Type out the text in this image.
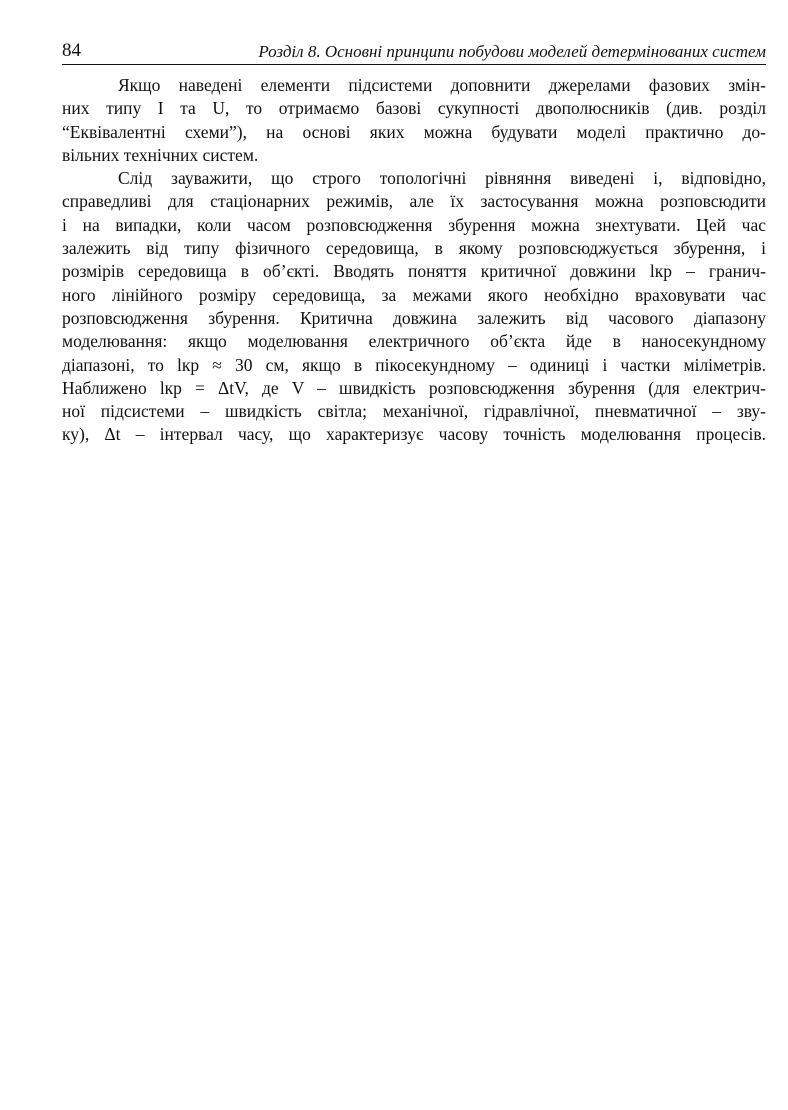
84	Розділ 8. Основні принципи побудови моделей детермінованих систем
Якщо наведені елементи підсистеми доповнити джерелами фазових змін-
них типу I та U, то отримаємо базові сукупності двополюсників (див. розділ
“Еквівалентні схеми”), на основі яких можна будувати моделі практично до-
вільних технічних систем.
Слід зауважити, що строго топологічні рівняння виведені і, відповідно,
справедливі для стаціонарних режимів, але їх застосування можна розповсюдити
і на випадки, коли часом розповсюдження збурення можна знехтувати. Цей час
залежить від типу фізичного середовища, в якому розповсюджується збурення, і
розмірів середовища в об’єкті. Вводять поняття критичної довжини lкр – гранич-
ного лінійного розміру середовища, за межами якого необхідно враховувати час
розповсюдження збурення. Критична довжина залежить від часового діапазону
моделювання: якщо моделювання електричного об’єкта йде в наносекундному
діапазоні, то lкр ≈ 30 см, якщо в пікосекундному – одиниці і частки міліметрів.
Наближено lкр = ΔtV, де V – швидкість розповсюдження збурення (для електрич-
ної підсистеми – швидкість світла; механічної, гідравлічної, пневматичної – зву-
ку), Δt – інтервал часу, що характеризує часову точність моделювання процесів.
